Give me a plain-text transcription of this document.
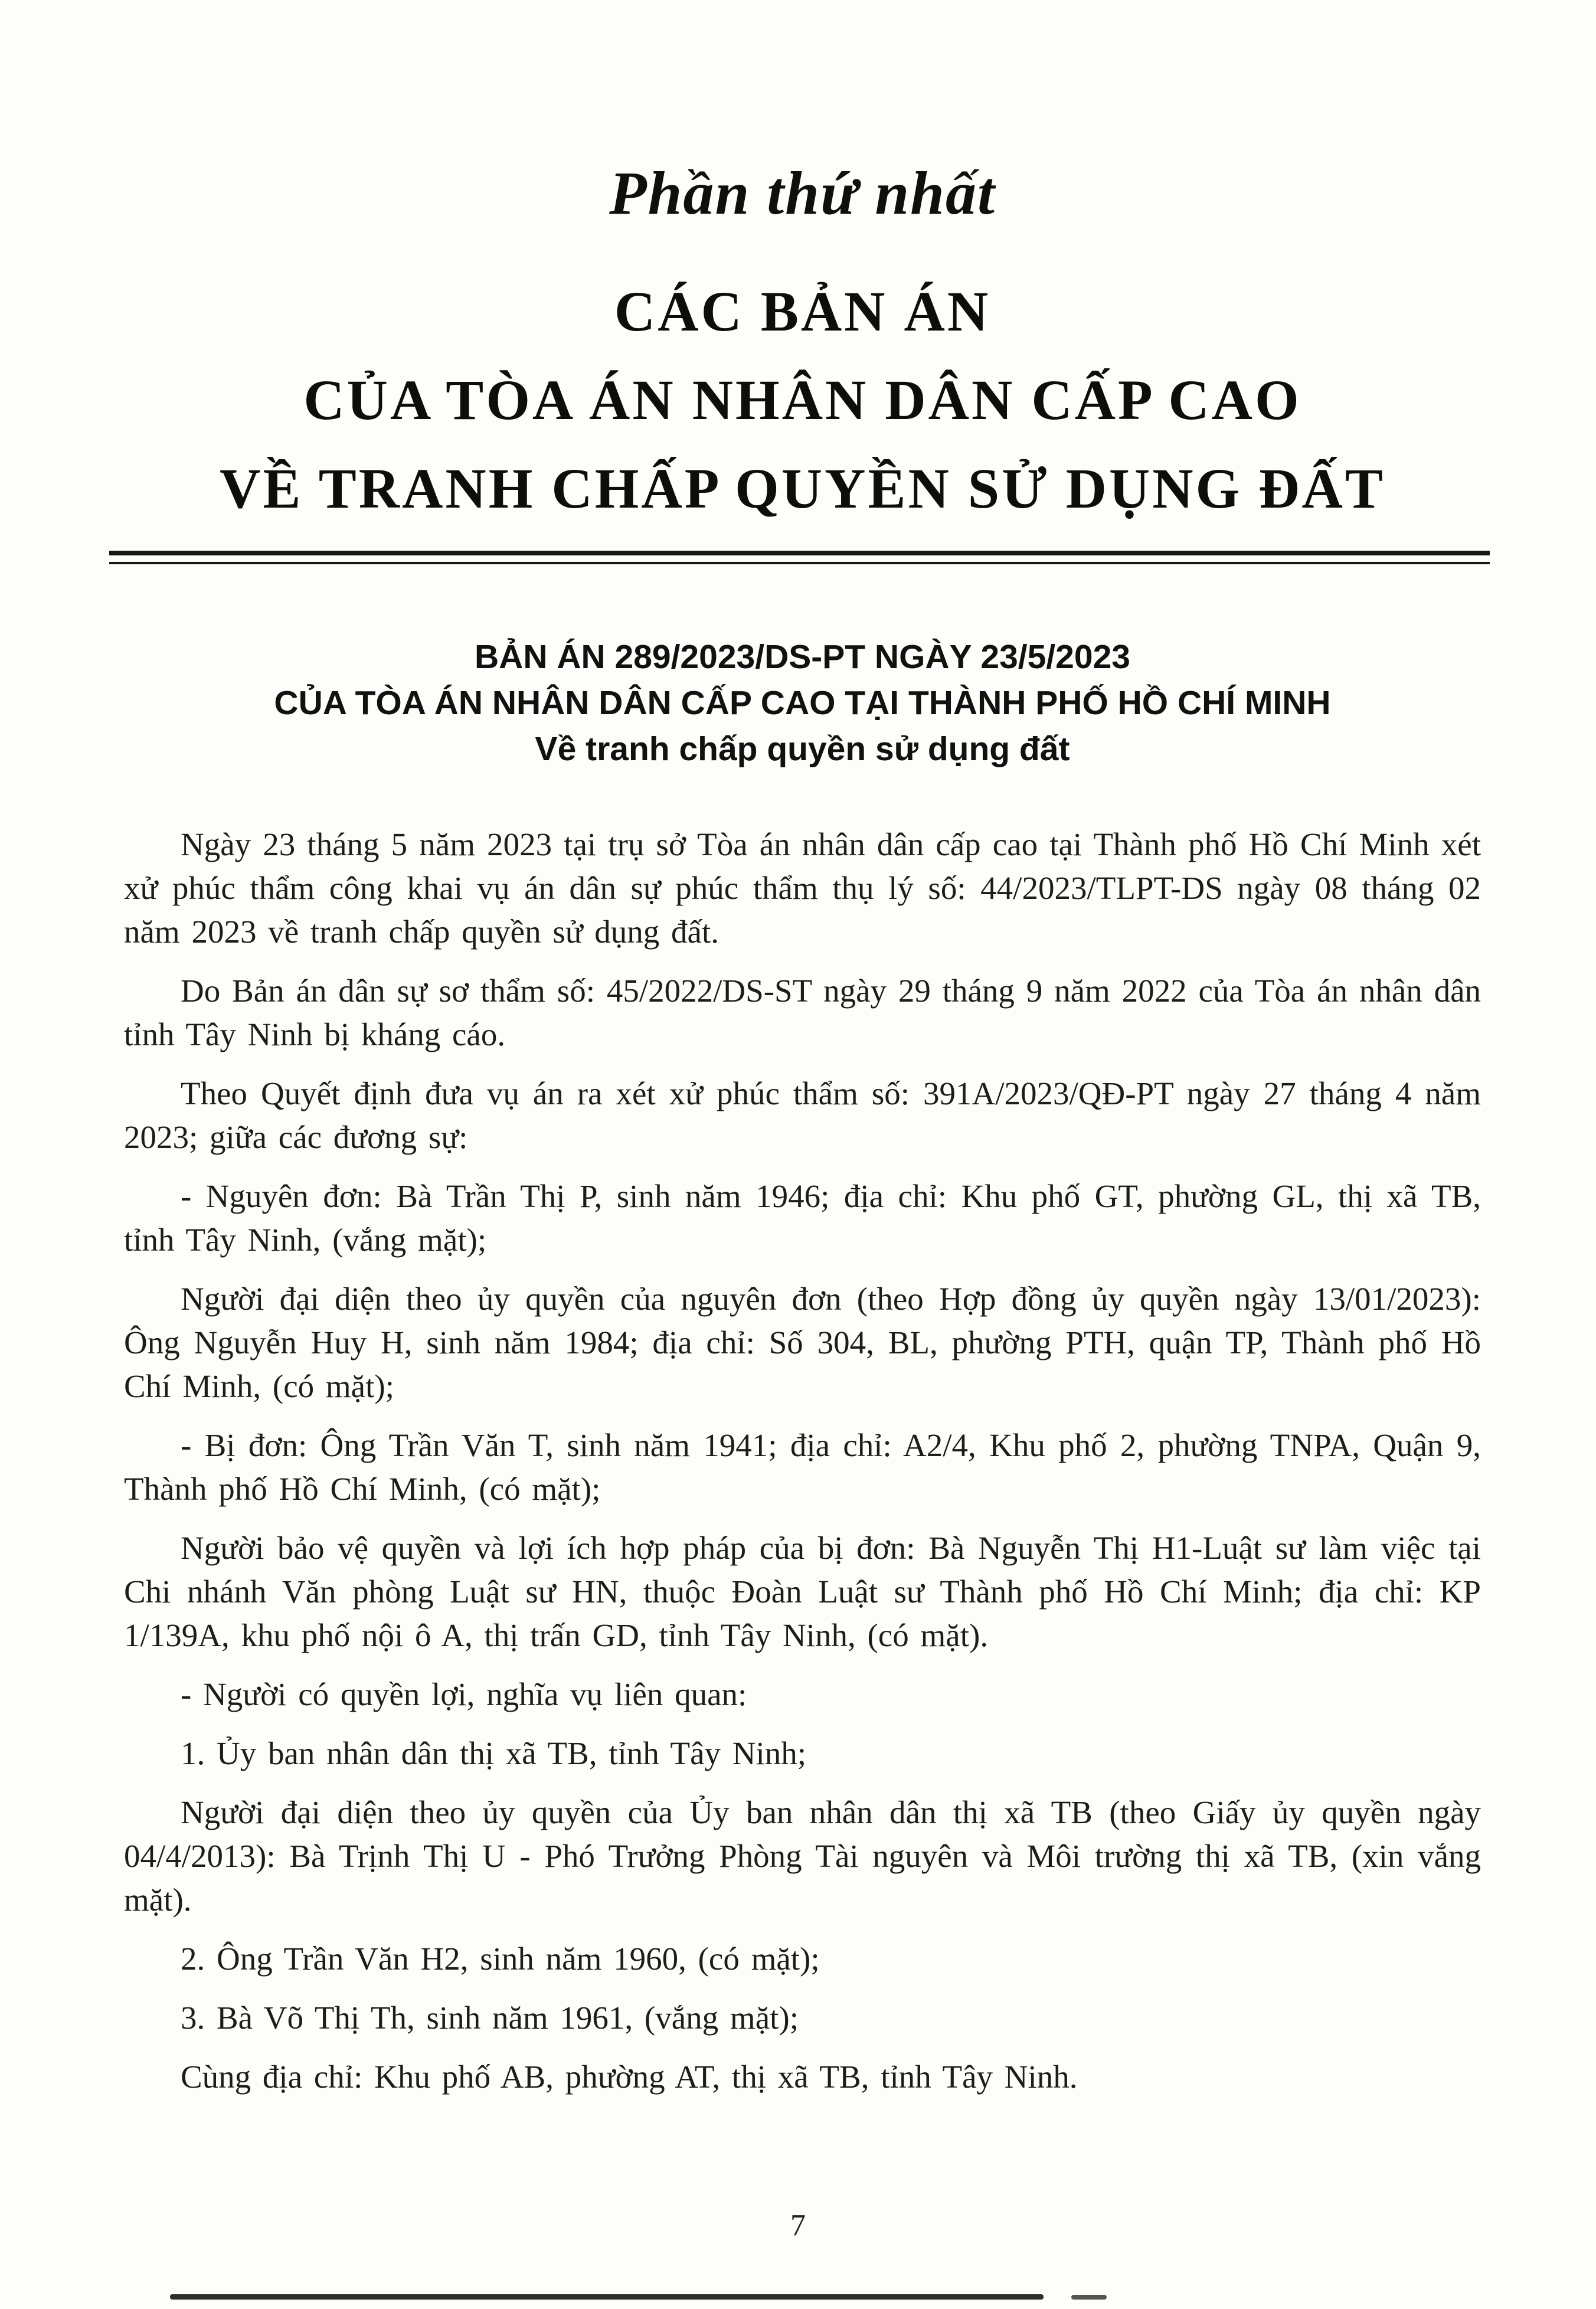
Phần thứ nhất
CÁC BẢN ÁN
CỦA TÒA ÁN NHÂN DÂN CẤP CAO
VỀ TRANH CHẤP QUYỀN SỬ DỤNG ĐẤT
BẢN ÁN 289/2023/DS-PT NGÀY 23/5/2023
CỦA TÒA ÁN NHÂN DÂN CẤP CAO TẠI THÀNH PHỐ HỒ CHÍ MINH
Về tranh chấp quyền sử dụng đất

Ngày 23 tháng 5 năm 2023 tại trụ sở Tòa án nhân dân cấp cao tại Thành phố Hồ Chí Minh xét xử phúc thẩm công khai vụ án dân sự phúc thẩm thụ lý số: 44/2023/TLPT-DS ngày 08 tháng 02 năm 2023 về tranh chấp quyền sử dụng đất.

Do Bản án dân sự sơ thẩm số: 45/2022/DS-ST ngày 29 tháng 9 năm 2022 của Tòa án nhân dân tỉnh Tây Ninh bị kháng cáo.

Theo Quyết định đưa vụ án ra xét xử phúc thẩm số: 391A/2023/QĐ-PT ngày 27 tháng 4 năm 2023; giữa các đương sự:

- Nguyên đơn: Bà Trần Thị P, sinh năm 1946; địa chỉ: Khu phố GT, phường GL, thị xã TB, tỉnh Tây Ninh, (vắng mặt);

Người đại diện theo ủy quyền của nguyên đơn (theo Hợp đồng ủy quyền ngày 13/01/2023): Ông Nguyễn Huy H, sinh năm 1984; địa chỉ: Số 304, BL, phường PTH, quận TP, Thành phố Hồ Chí Minh, (có mặt);

- Bị đơn: Ông Trần Văn T, sinh năm 1941; địa chỉ: A2/4, Khu phố 2, phường TNPA, Quận 9, Thành phố Hồ Chí Minh, (có mặt);

Người bảo vệ quyền và lợi ích hợp pháp của bị đơn: Bà Nguyễn Thị H1-Luật sư làm việc tại Chi nhánh Văn phòng Luật sư HN, thuộc Đoàn Luật sư Thành phố Hồ Chí Minh; địa chỉ: KP 1/139A, khu phố nội ô A, thị trấn GD, tỉnh Tây Ninh, (có mặt).

- Người có quyền lợi, nghĩa vụ liên quan:

1. Ủy ban nhân dân thị xã TB, tỉnh Tây Ninh;

Người đại diện theo ủy quyền của Ủy ban nhân dân thị xã TB (theo Giấy ủy quyền ngày 04/4/2013): Bà Trịnh Thị U - Phó Trưởng Phòng Tài nguyên và Môi trường thị xã TB, (xin vắng mặt).

2. Ông Trần Văn H2, sinh năm 1960, (có mặt);

3. Bà Võ Thị Th, sinh năm 1961, (vắng mặt);

Cùng địa chỉ: Khu phố AB, phường AT, thị xã TB, tỉnh Tây Ninh.

7
